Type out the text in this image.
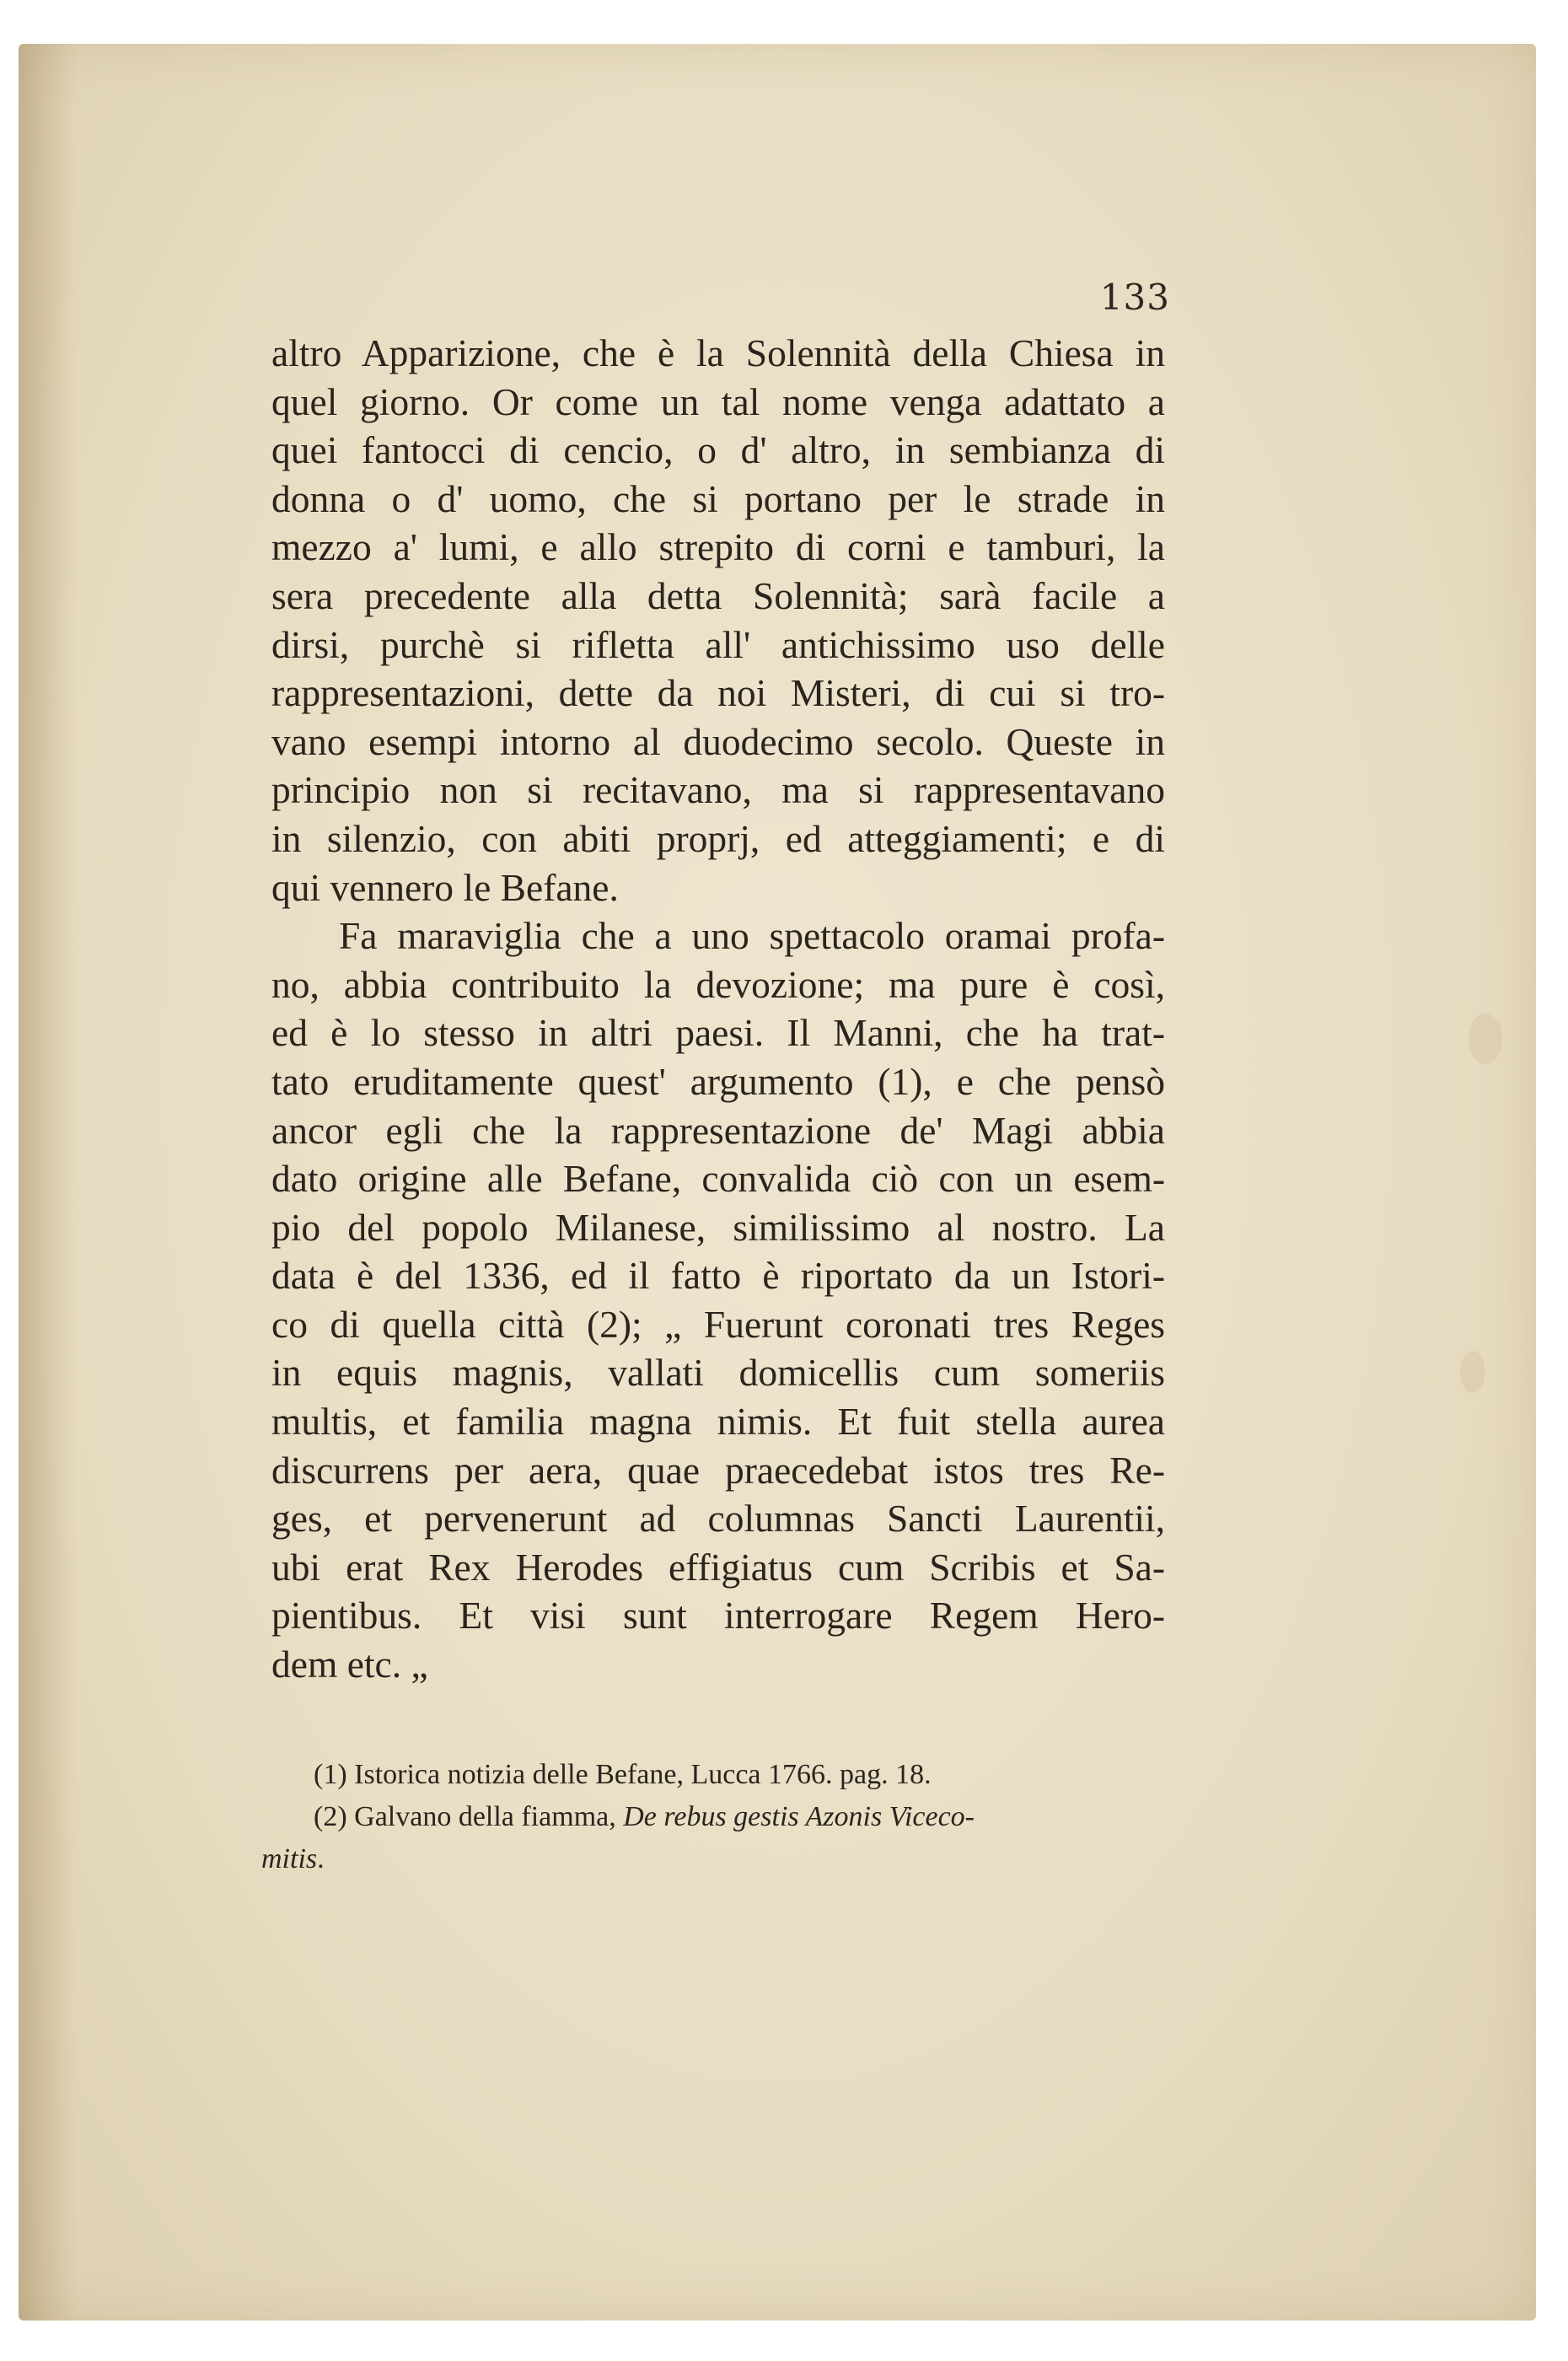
133
altro Apparizione, che è la Solennità della Chiesa in
quel giorno. Or come un tal nome venga adattato a
quei fantocci di cencio, o d' altro, in sembianza di
donna o d' uomo, che si portano per le strade in
mezzo a' lumi, e allo strepito di corni e tamburi, la
sera precedente alla detta Solennità; sarà facile a
dirsi, purchè si rifletta all' antichissimo uso delle
rappresentazioni, dette da noi Misteri, di cui si tro-
vano esempi intorno al duodecimo secolo. Queste in
principio non si recitavano, ma si rappresentavano
in silenzio, con abiti proprj, ed atteggiamenti; e di
qui vennero le Befane.
Fa maraviglia che a uno spettacolo oramai profa-
no, abbia contribuito la devozione; ma pure è così,
ed è lo stesso in altri paesi. Il Manni, che ha trat-
tato eruditamente quest' argumento (1), e che pensò
ancor egli che la rappresentazione de' Magi abbia
dato origine alle Befane, convalida ciò con un esem-
pio del popolo Milanese, similissimo al nostro. La
data è del 1336, ed il fatto è riportato da un Istori-
co di quella città (2); „ Fuerunt coronati tres Reges
in equis magnis, vallati domicellis cum someriis
multis, et familia magna nimis. Et fuit stella aurea
discurrens per aera, quae praecedebat istos tres Re-
ges, et pervenerunt ad columnas Sancti Laurentii,
ubi erat Rex Herodes effigiatus cum Scribis et Sa-
pientibus. Et visi sunt interrogare Regem Hero-
dem etc. „
(1) Istorica notizia delle Befane, Lucca 1766. pag. 18.
(2) Galvano della fiamma, De rebus gestis Azonis Viceco-
mitis.
